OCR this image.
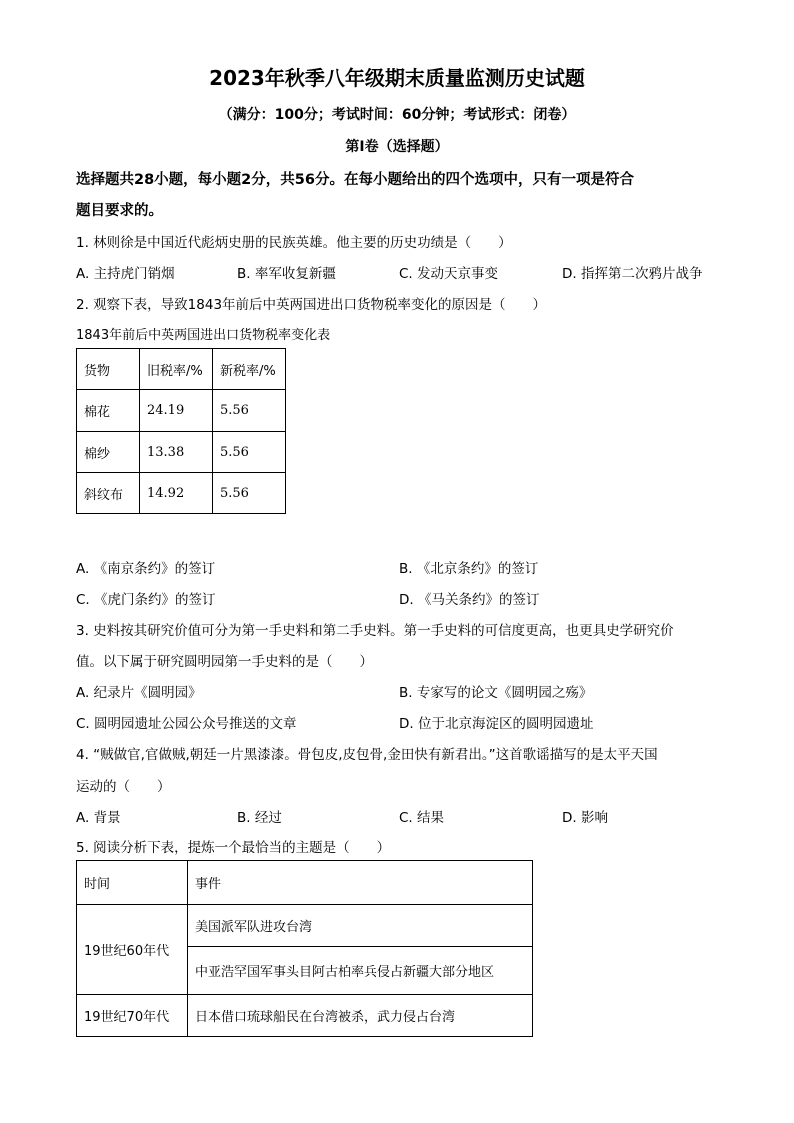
2023年秋季八年级期末质量监测历史试题
（满分：100分；考试时间：60分钟；考试形式：闭卷）
第Ⅰ卷（选择题）
选择题共28小题，每小题2分，共56分。在每小题给出的四个选项中，只有一项是符合
题目要求的。
1. 林则徐是中国近代彪炳史册的民族英雄。他主要的历史功绩是（　　）
A. 主持虎门销烟	B. 率军收复新疆	C. 发动天京事变	D. 指挥第二次鸦片战争
2. 观察下表，导致1843年前后中英两国进出口货物税率变化的原因是（　　）
1843年前后中英两国进出口货物税率变化表
货物	旧税率/%	新税率/%
棉花	24.19	5.56
棉纱	13.38	5.56
斜纹布	14.92	5.56
A. 《南京条约》的签订	B. 《北京条约》的签订
C. 《虎门条约》的签订	D. 《马关条约》的签订
3. 史料按其研究价值可分为第一手史料和第二手史料。第一手史料的可信度更高，也更具史学研究价
值。以下属于研究圆明园第一手史料的是（　　）
A. 纪录片《圆明园》	B. 专家写的论文《圆明园之殇》
C. 圆明园遗址公园公众号推送的文章	D. 位于北京海淀区的圆明园遗址
4. “贼做官,官做贼,朝廷一片黑漆漆。骨包皮,皮包骨,金田快有新君出。”这首歌谣描写的是太平天国
运动的（　　）
A. 背景	B. 经过	C. 结果	D. 影响
5. 阅读分析下表，提炼一个最恰当的主题是（　　）
时间	事件
19世纪60年代	美国派军队进攻台湾
	中亚浩罕国军事头目阿古柏率兵侵占新疆大部分地区
19世纪70年代	日本借口琉球船民在台湾被杀，武力侵占台湾
